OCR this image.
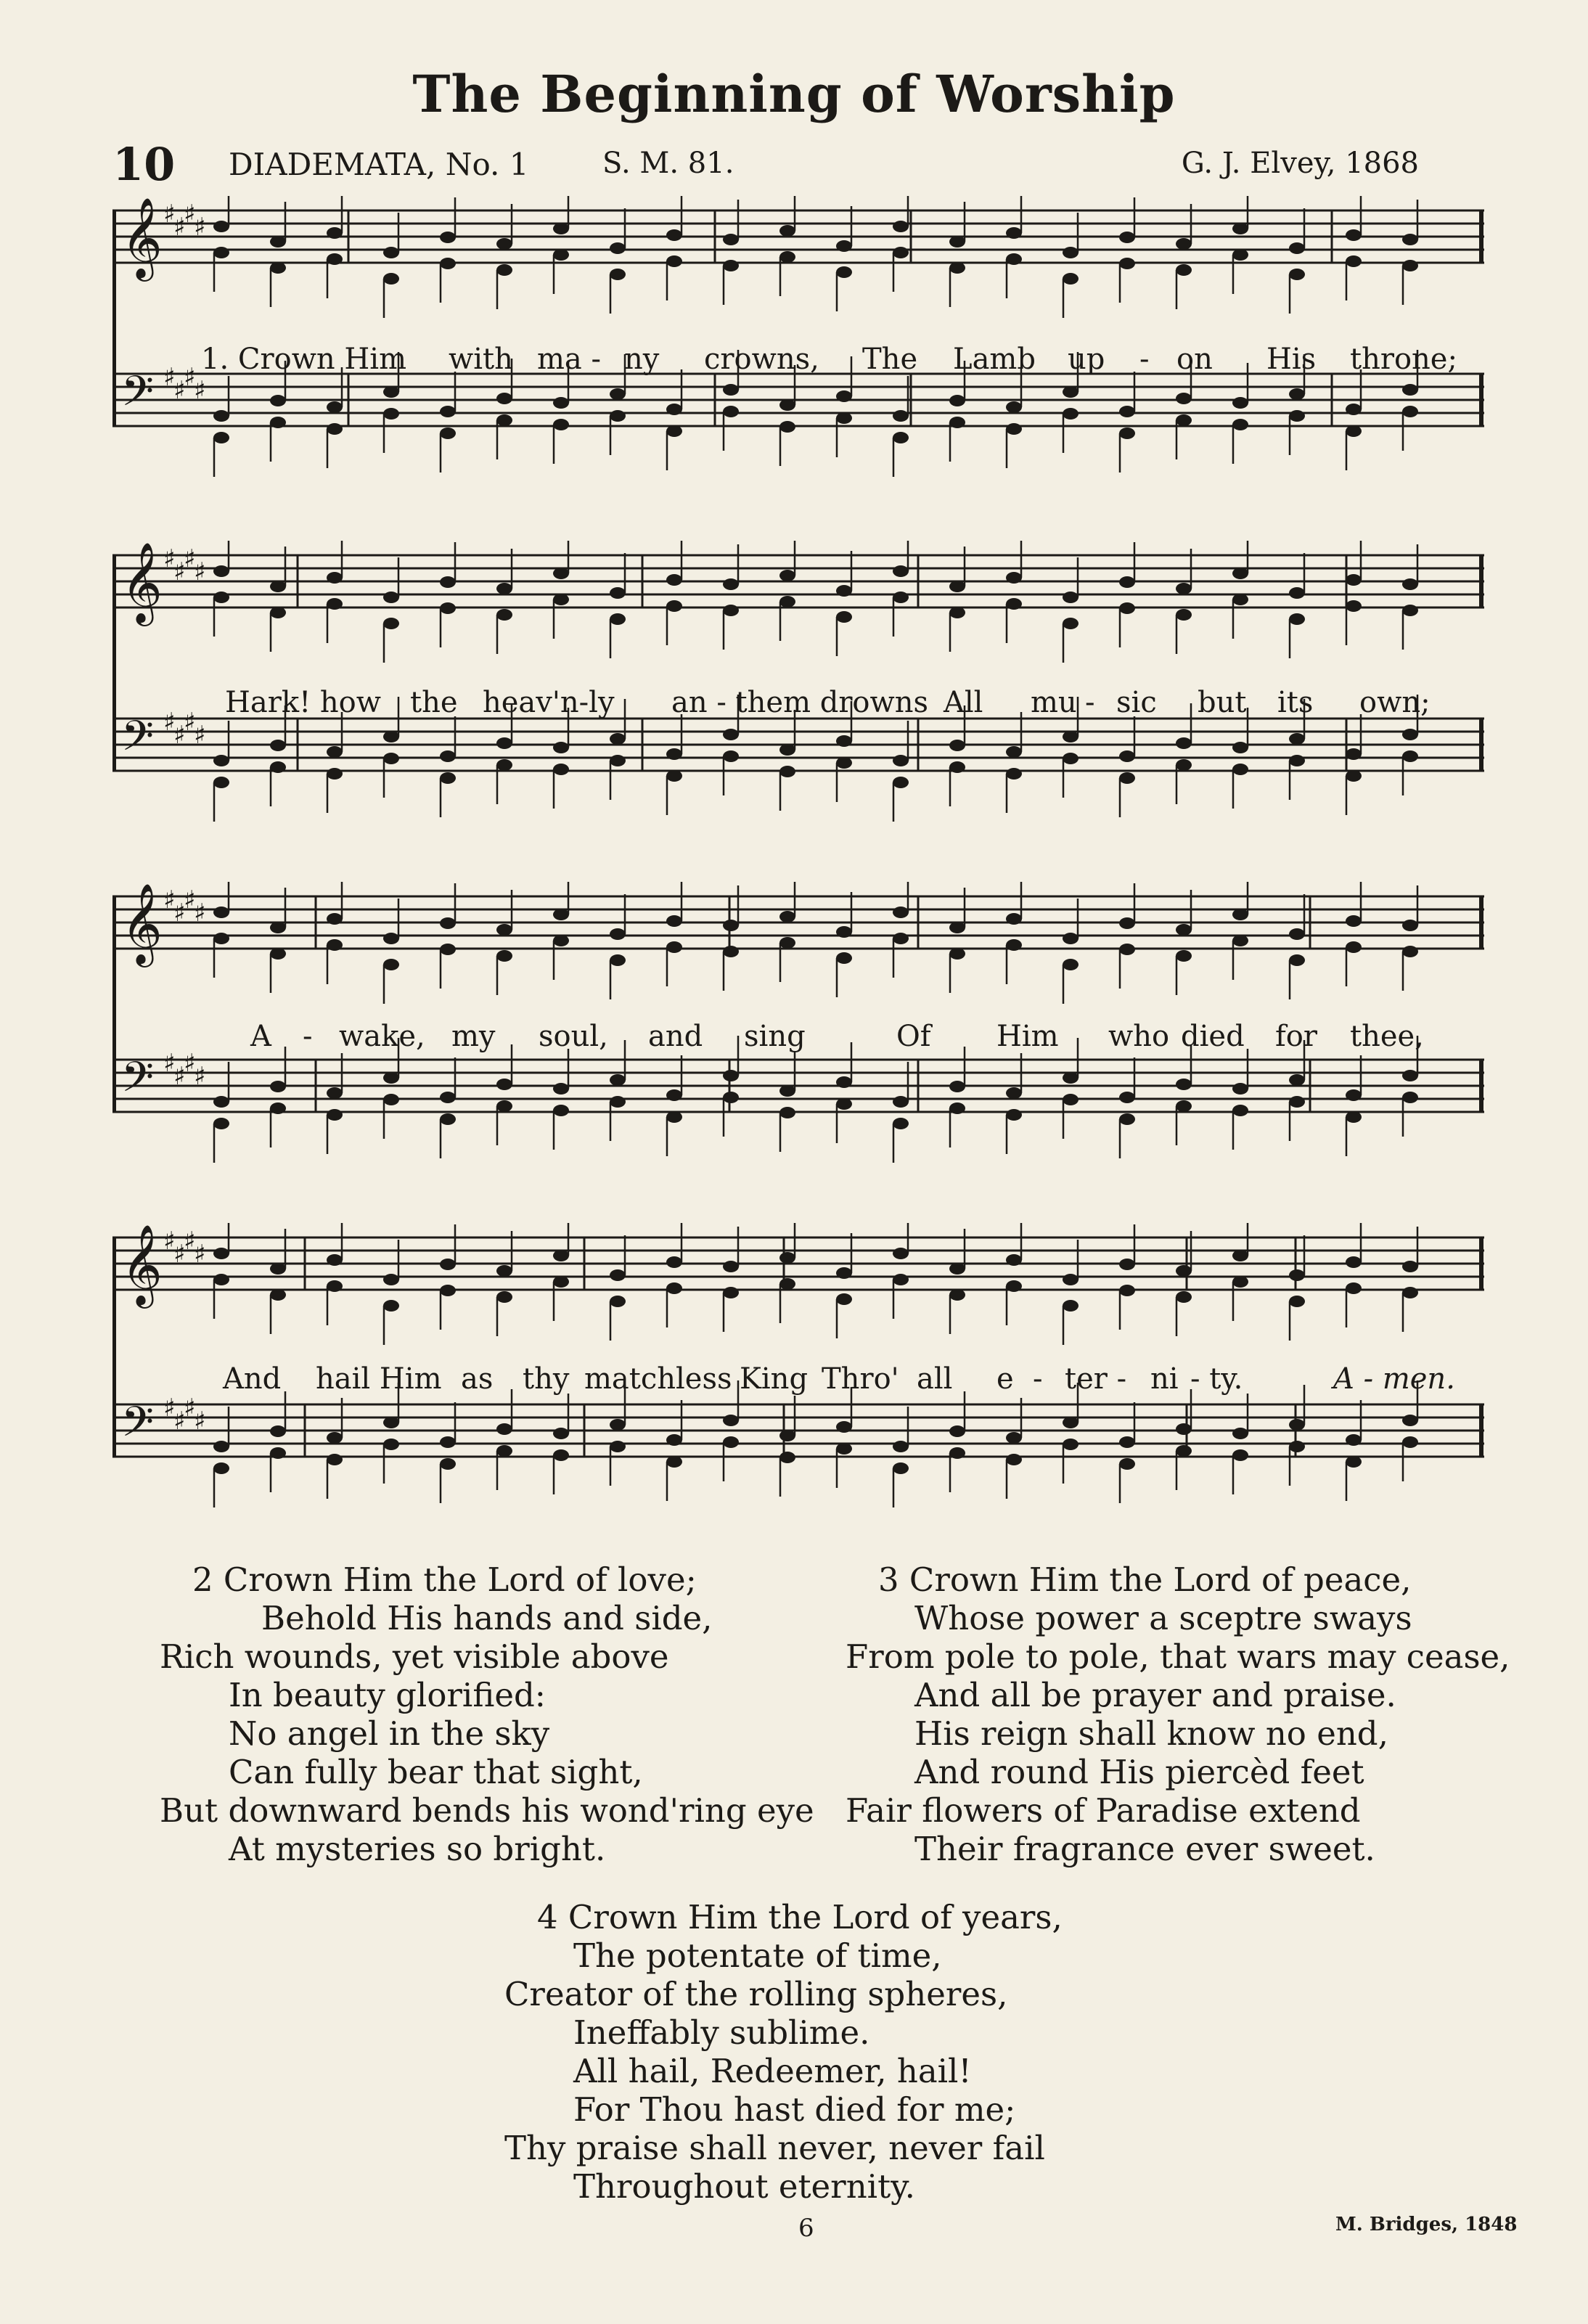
The Beginning of Worship
10 DIADEMATA, No. 1	S. M. 81.	G. J. Elvey, 1868
𝄞 ♯
♯
♯
♯
𝄢 ♯
♯
♯
♯
1. Crown Him with ma - ny crowns, The Lamb up - on His throne;
𝄞 ♯
♯
♯
♯
𝄢 ♯
♯
♯
♯
Hark! how the heav'n-ly an - them drowns All mu - sic but its own;
𝄞 ♯
♯
♯
♯
𝄢 ♯
♯
♯
♯
A - wake, my soul, and sing	Of Him who died for thee,
𝄞 ♯
♯
♯
♯
𝄢 ♯
♯
♯
♯
And hail Him as thy matchless King Thro' all e - ter - ni - ty.	A - men.
2 Crown Him the Lord of love;
Behold His hands and side,
Rich wounds, yet visible above
In beauty glorified:
No angel in the sky
Can fully bear that sight,
But downward bends his wond'ring eye
At mysteries so bright.
3 Crown Him the Lord of peace,
Whose power a sceptre sways
From pole to pole, that wars may cease,
And all be prayer and praise.
His reign shall know no end,
And round His piercèd feet
Fair flowers of Paradise extend
Their fragrance ever sweet.
4 Crown Him the Lord of years,
The potentate of time,
Creator of the rolling spheres,
Ineffably sublime.
All hail, Redeemer, hail!
For Thou hast died for me;
Thy praise shall never, never fail
Throughout eternity.
6	M. Bridges, 1848
